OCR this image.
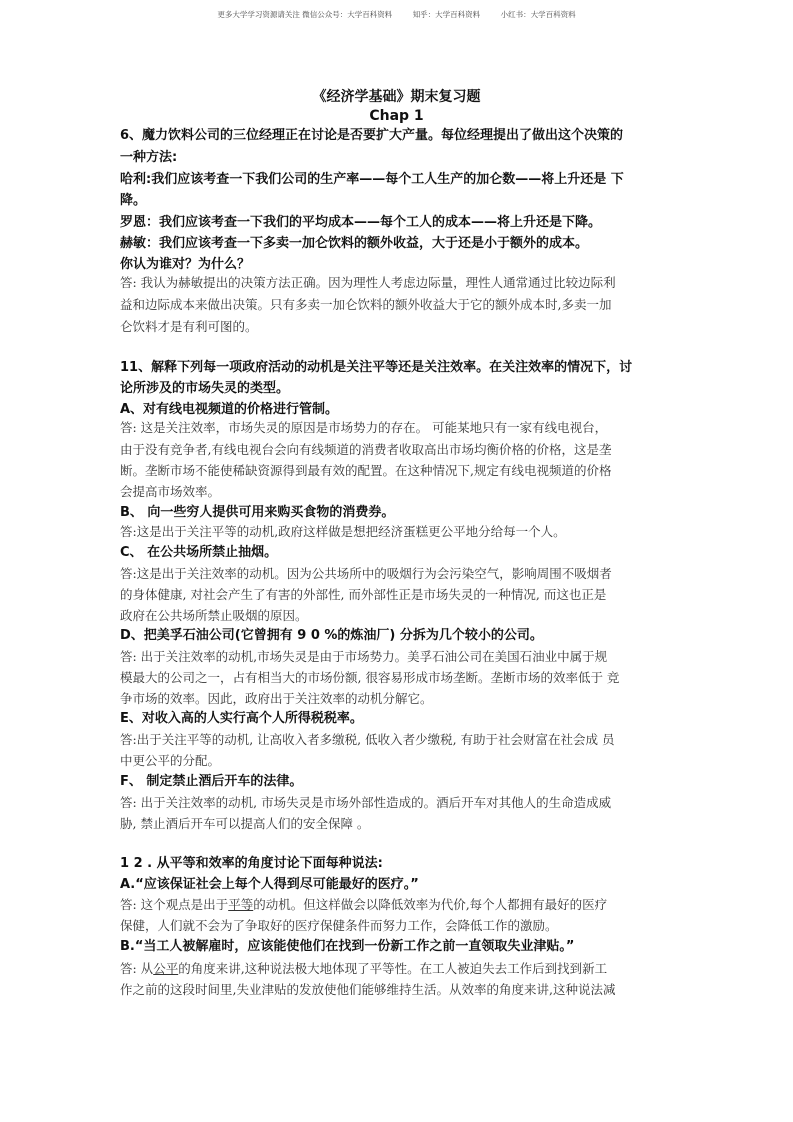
更多大学学习资源请关注 微信公众号：大学百科资料	知乎：大学百科资料	小红书：大学百科资料
《经济学基础》期末复习题
Chap 1
6、魔力饮料公司的三位经理正在讨论是否要扩大产量。每位经理提出了做出这个决策的
一种方法:
哈利:我们应该考查一下我们公司的生产率——每个工人生产的加仑数——将上升还是 下
降。
罗恩：我们应该考查一下我们的平均成本——每个工人的成本——将上升还是下降。
赫敏：我们应该考查一下多卖一加仑饮料的额外收益，大于还是小于额外的成本。
你认为谁对？为什么？
答: 我认为赫敏提出的决策方法正确。因为理性人考虑边际量，理性人通常通过比较边际利
益和边际成本来做出决策。只有多卖一加仑饮料的额外收益大于它的额外成本时,多卖一加
仑饮料才是有利可图的。
11、解释下列每一项政府活动的动机是关注平等还是关注效率。在关注效率的情况下，讨
论所涉及的市场失灵的类型。
A、对有线电视频道的价格进行管制。
答: 这是关注效率，市场失灵的原因是市场势力的存在。 可能某地只有一家有线电视台，
由于没有竞争者,有线电视台会向有线频道的消费者收取高出市场均衡价格的价格，这是垄
断。垄断市场不能使稀缺资源得到最有效的配置。在这种情况下,规定有线电视频道的价格
会提高市场效率。
B、 向一些穷人提供可用来购买食物的消费券。
答:这是出于关注平等的动机,政府这样做是想把经济蛋糕更公平地分给每一个人。
C、 在公共场所禁止抽烟。
答:这是出于关注效率的动机。因为公共场所中的吸烟行为会污染空气，影响周围不吸烟者
的身体健康, 对社会产生了有害的外部性, 而外部性正是市场失灵的一种情况, 而这也正是
政府在公共场所禁止吸烟的原因。
D、把美孚石油公司(它曾拥有 9 0 %的炼油厂) 分拆为几个较小的公司。
答: 出于关注效率的动机,市场失灵是由于市场势力。美孚石油公司在美国石油业中属于规
模最大的公司之一，占有相当大的市场份额, 很容易形成市场垄断。垄断市场的效率低于 竞
争市场的效率。因此，政府出于关注效率的动机分解它。
E、对收入高的人实行高个人所得税税率。
答:出于关注平等的动机, 让高收入者多缴税, 低收入者少缴税, 有助于社会财富在社会成 员
中更公平的分配。
F、 制定禁止酒后开车的法律。
答: 出于关注效率的动机, 市场失灵是市场外部性造成的。酒后开车对其他人的生命造成威
胁, 禁止酒后开车可以提高人们的安全保障 。
1 2 . 从平等和效率的角度讨论下面每种说法:
A.“应该保证社会上每个人得到尽可能最好的医疗。”
答: 这个观点是出于平等的动机。但这样做会以降低效率为代价,每个人都拥有最好的医疗
保健，人们就不会为了争取好的医疗保健条件而努力工作，会降低工作的激励。
B.“当工人被解雇时，应该能使他们在找到一份新工作之前一直领取失业津贴。”
答: 从公平的角度来讲,这种说法极大地体现了平等性。在工人被迫失去工作后到找到新工
作之前的这段时间里,失业津贴的发放使他们能够维持生活。从效率的角度来讲,这种说法减
